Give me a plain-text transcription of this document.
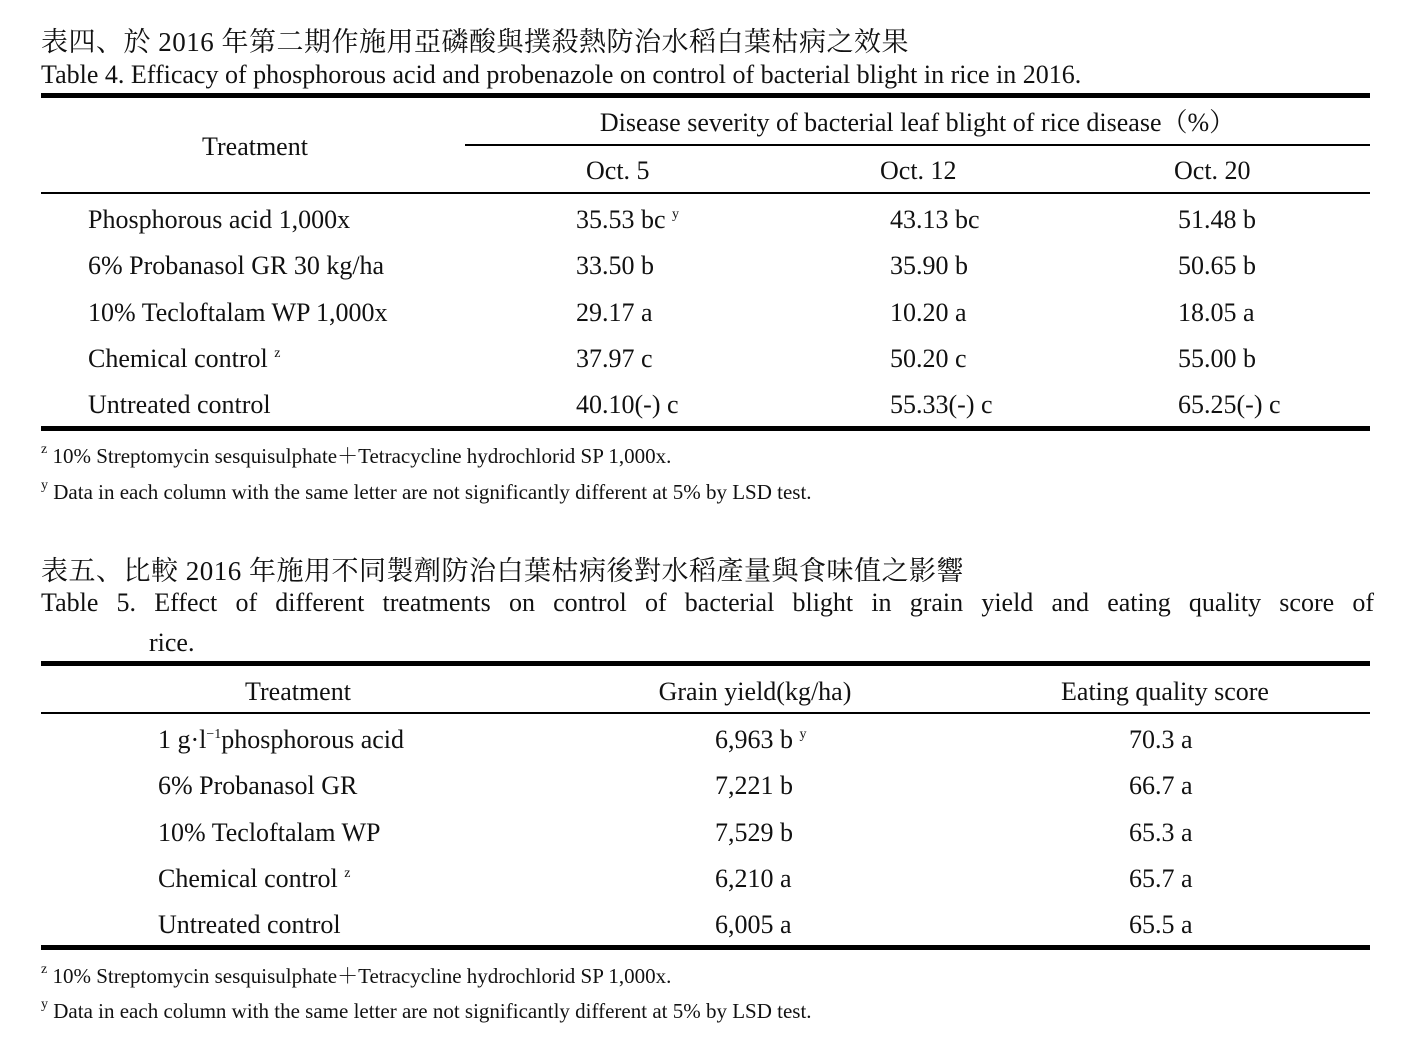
表四、於 2016 年第二期作施用亞磷酸與撲殺熱防治水稻白葉枯病之效果
Table 4. Efficacy of phosphorous acid and probenazole on control of bacterial blight in rice in 2016.
Treatment
Disease severity of bacterial leaf blight of rice disease（%）
Oct. 5	Oct. 12	Oct. 20
Phosphorous acid 1,000x	35.53 bc $^y$	43.13 bc	51.48 b
6% Probanasol GR 30 kg/ha	33.50 b	35.90 b	50.65 b
10% Tecloftalam WP 1,000x	29.17 a	10.20 a	18.05 a
Chemical control $^z$	37.97 c	50.20 c	55.00 b
Untreated control	40.10(-) c	55.33(-) c	65.25(-) c
$^z$ 10% Streptomycin sesquisulphate＋Tetracycline hydrochlorid SP 1,000x.
$^y$ Data in each column with the same letter are not significantly different at 5% by LSD test.
表五、比較 2016 年施用不同製劑防治白葉枯病後對水稻產量與食味值之影響
Table 5. Effect of different treatments on control of bacterial blight in grain yield and eating quality score of
rice.
Treatment	Grain yield(kg/ha)	Eating quality score
1 $g\cdot l^{-1}phosphorous$ acid	6,963 b $^y$	70.3 a
6% Probanasol GR	7,221 b	66.7 a
10% Tecloftalam WP	7,529 b	65.3 a
Chemical control $^z$	6,210 a	65.7 a
Untreated control	6,005 a	65.5 a
$^z$ 10% Streptomycin sesquisulphate＋Tetracycline hydrochlorid SP 1,000x.
$^y$ Data in each column with the same letter are not significantly different at 5% by LSD test.
